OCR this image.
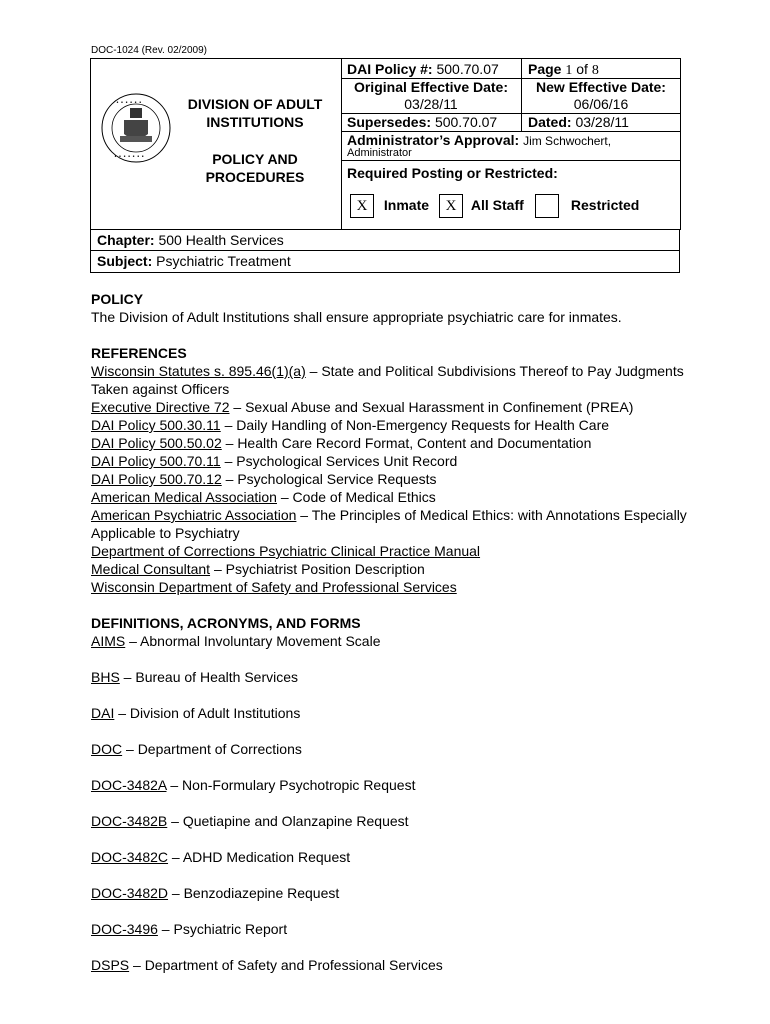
DOC-1024 (Rev. 02/2009)
• • • • • •
• • • • • • •
DIVISION OF ADULT INSTITUTIONS
POLICY AND PROCEDURES
DAI Policy #: 500.70.07 Page 1 of 8
Original Effective Date:
03/28/11
New Effective Date:
06/06/16
Supersedes: 500.70.07 Dated: 03/28/11
Administrator’s Approval: Jim Schwochert,
Administrator
Required Posting or Restricted:
X Inmate	X All Staff	Restricted
Chapter: 500 Health Services
Subject: Psychiatric Treatment

POLICY

The Division of Adult Institutions shall ensure appropriate psychiatric care for inmates.

REFERENCES

Wisconsin Statutes s. 895.46(1)(a) – State and Political Subdivisions Thereof to Pay Judgments Taken against Officers

Executive Directive 72 – Sexual Abuse and Sexual Harassment in Confinement (PREA)

DAI Policy 500.30.11 – Daily Handling of Non-Emergency Requests for Health Care

DAI Policy 500.50.02 – Health Care Record Format, Content and Documentation

DAI Policy 500.70.11 – Psychological Services Unit Record

DAI Policy 500.70.12 – Psychological Service Requests

American Medical Association – Code of Medical Ethics

American Psychiatric Association – The Principles of Medical Ethics: with Annotations Especially Applicable to Psychiatry

Department of Corrections Psychiatric Clinical Practice Manual

Medical Consultant – Psychiatrist Position Description

Wisconsin Department of Safety and Professional Services

DEFINITIONS, ACRONYMS, AND FORMS

AIMS – Abnormal Involuntary Movement Scale

BHS – Bureau of Health Services

DAI – Division of Adult Institutions

DOC – Department of Corrections

DOC-3482A – Non-Formulary Psychotropic Request

DOC-3482B – Quetiapine and Olanzapine Request

DOC-3482C – ADHD Medication Request

DOC-3482D – Benzodiazepine Request

DOC-3496 – Psychiatric Report

DSPS – Department of Safety and Professional Services
